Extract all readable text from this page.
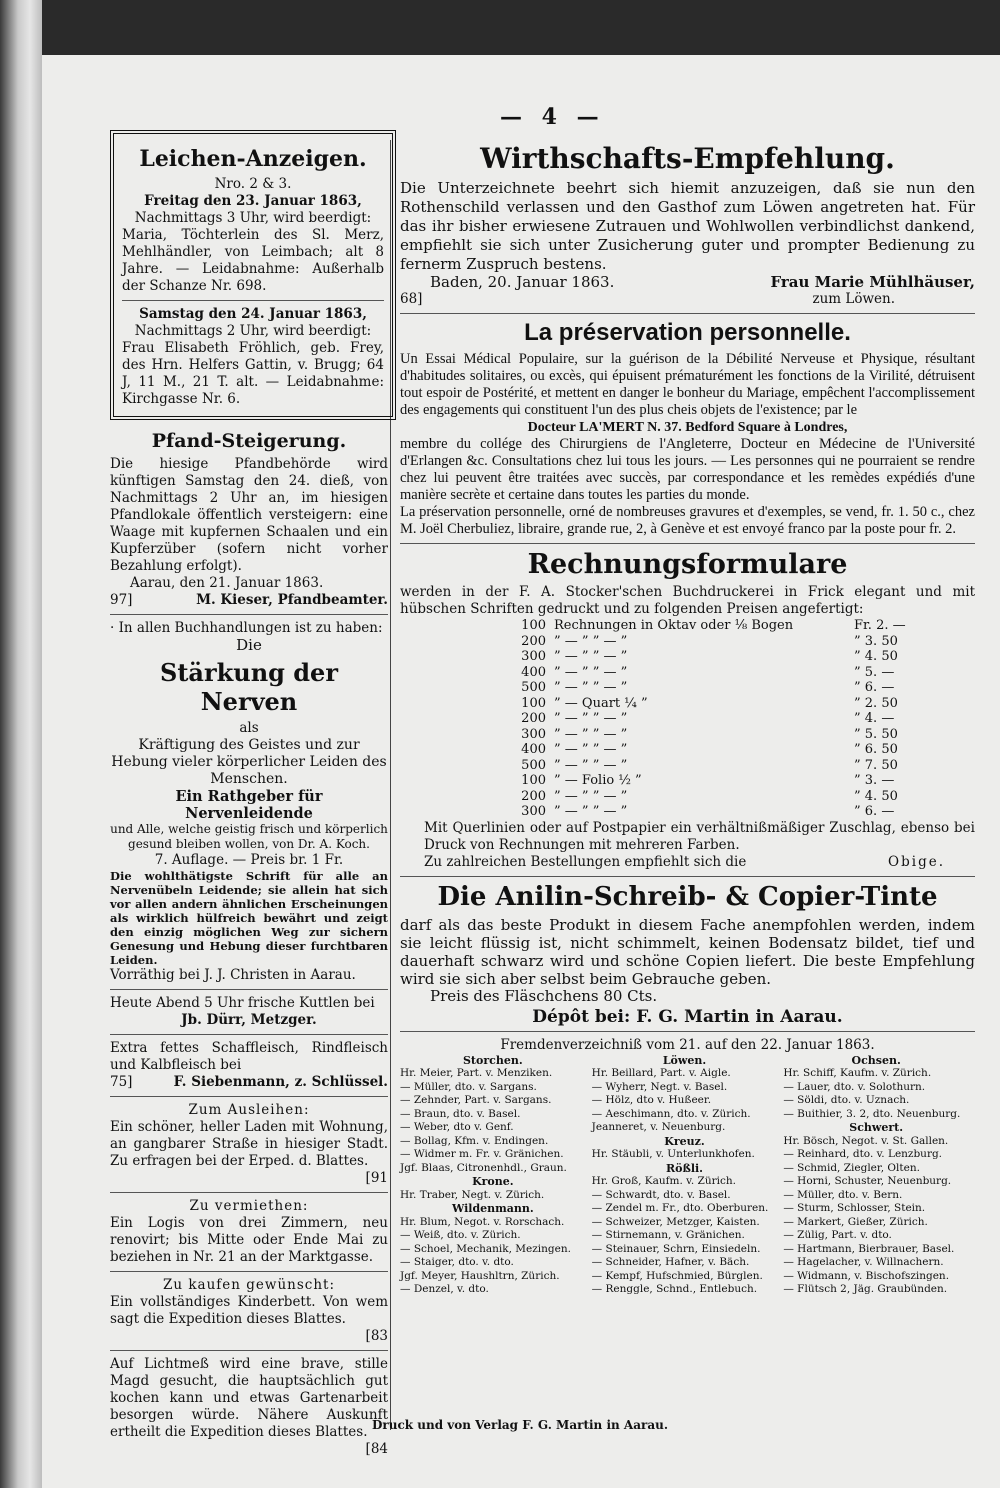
— 4 —
Leichen-Anzeigen.

Nro. 2 & 3.

Freitag den 23. Januar 1863,

Nachmittags 3 Uhr, wird beerdigt:

Maria, Töchterlein des Sl. Merz, Mehlhändler, von Leimbach; alt 8 Jahre. — Leidabnahme: Außerhalb der Schanze Nr. 698.

Samstag den 24. Januar 1863,

Nachmittags 2 Uhr, wird beerdigt:

Frau Elisabeth Fröhlich, geb. Frey, des Hrn. Helfers Gattin, v. Brugg; 64 J, 11 M., 21 T. alt. — Leidabnahme: Kirchgasse Nr. 6.

Pfand-Steigerung.

Die hiesige Pfandbehörde wird künftigen Samstag den 24. dieß, von Nachmittags 2 Uhr an, im hiesigen Pfandlokale öffentlich versteigern: eine Waage mit kupfernen Schaalen und ein Kupferzüber (sofern nicht vorher Bezahlung erfolgt).

Aarau, den 21. Januar 1863.

97]	M. Kieser, Pfandbeamter.

· In allen Buchhandlungen ist zu haben:

Die

Stärkung der Nerven

als

Kräftigung des Geistes und zur Hebung vieler körperlicher Leiden des Menschen.

Ein Rathgeber für Nervenleidende

und Alle, welche geistig frisch und körperlich gesund bleiben wollen, von Dr. A. Koch.

7. Auflage. — Preis br. 1 Fr.

Die wohlthätigste Schrift für alle an Nervenübeln Leidende; sie allein hat sich vor allen andern ähnlichen Erscheinungen als wirklich hülfreich bewährt und zeigt den einzig möglichen Weg zur sichern Genesung und Hebung dieser furchtbaren Leiden.

Vorräthig bei J. J. Christen in Aarau.

Heute Abend 5 Uhr frische Kuttlen bei

Jb. Dürr, Metzger.

Extra fettes Schaffleisch, Rindfleisch und Kalbfleisch bei

75]	F. Siebenmann, z. Schlüssel.

Zum Ausleihen:

Ein schöner, heller Laden mit Wohnung, an gangbarer Straße in hiesiger Stadt. Zu erfragen bei der Erped. d. Blattes.

[91

Zu vermiethen:

Ein Logis von drei Zimmern, neu renovirt; bis Mitte oder Ende Mai zu beziehen in Nr. 21 an der Marktgasse.

Zu kaufen gewünscht:

Ein vollständiges Kinderbett. Von wem sagt die Expedition dieses Blattes.

[83

Auf Lichtmeß wird eine brave, stille Magd gesucht, die hauptsächlich gut kochen kann und etwas Gartenarbeit besorgen würde. Nähere Auskunft ertheilt die Expedition dieses Blattes.

[84

Wirthschafts-Empfehlung.

Die Unterzeichnete beehrt sich hiemit anzuzeigen, daß sie nun den Rothenschild verlassen und den Gasthof zum Löwen angetreten hat. Für das ihr bisher erwiesene Zutrauen und Wohlwollen verbindlichst dankend, empfiehlt sie sich unter Zusicherung guter und prompter Bedienung zu fernerm Zuspruch bestens.

Baden, 20. Januar 1863.	Frau Marie Mühlhäuser,
68]	zum Löwen.
La préservation personnelle.

Un Essai Médical Populaire, sur la guérison de la Débilité Nerveuse et Physique, résultant d'habitudes solitaires, ou excès, qui épuisent prématurément les fonctions de la Virilité, détruisent tout espoir de Postérité, et mettent en danger le bonheur du Mariage, empêchent l'accomplissement des engagements qui constituent l'un des plus cheis objets de l'existence; par le

Docteur LA'MERT N. 37. Bedford Square à Londres,

membre du collége des Chirurgiens de l'Angleterre, Docteur en Médecine de l'Université d'Erlangen &c. Consultations chez lui tous les jours. — Les personnes qui ne pourraient se rendre chez lui peuvent être traitées avec succès, par correspondance et les remèdes expédiés d'une manière secrète et certaine dans toutes les parties du monde.

La préservation personnelle, orné de nombreuses gravures et d'exemples, se vend, fr. 1. 50 c., chez M. Joël Cherbuliez, libraire, grande rue, 2, à Genève et est envoyé franco par la poste pour fr. 2.

Rechnungsformulare

werden in der F. A. Stocker'schen Buchdruckerei in Frick elegant und mit hübschen Schriften gedruckt und zu folgenden Preisen angefertigt:

100 Rechnungen in Oktav oder ⅛ Bogen	Fr. 2. —
200 ” — ” ” — ”	” 3. 50
300 ” — ” ” — ”	” 4. 50
400 ” — ” ” — ”	” 5. —
500 ” — ” ” — ”	” 6. —
100 ” — Quart ¼ ”	” 2. 50
200 ” — ” ” — ”	” 4. —
300 ” — ” ” — ”	” 5. 50
400 ” — ” ” — ”	” 6. 50
500 ” — ” ” — ”	” 7. 50
100 ” — Folio ½ ”	” 3. —
200 ” — ” ” — ”	” 4. 50
300 ” — ” ” — ”	” 6. —

Mit Querlinien oder auf Postpapier ein verhältnißmäßiger Zuschlag, ebenso bei Druck von Rechnungen mit mehreren Farben.

Zu zahlreichen Bestellungen empfiehlt sich die	Obige.
Die Anilin-Schreib- & Copier-Tinte

darf als das beste Produkt in diesem Fache anempfohlen werden, indem sie leicht flüssig ist, nicht schimmelt, keinen Bodensatz bildet, tief und dauerhaft schwarz wird und schöne Copien liefert. Die beste Empfehlung wird sie sich aber selbst beim Gebrauche geben.

Preis des Fläschchens 80 Cts.

Dépôt bei: F. G. Martin in Aarau.

Fremdenverzeichniß vom 21. auf den 22. Januar 1863.

Storchen.
Hr. Meier, Part. v. Menziken.
— Müller, dto. v. Sargans.
— Zehnder, Part. v. Sargans.
— Braun, dto. v. Basel.
— Weber, dto v. Genf.
— Bollag, Kfm. v. Endingen.
— Widmer m. Fr. v. Gränichen.
Jgf. Blaas, Citronenhdl., Graun.
Krone.
Hr. Traber, Negt. v. Zürich.
Wildenmann.
Hr. Blum, Negot. v. Rorschach.
— Weiß, dto. v. Zürich.
— Schoel, Mechanik, Mezingen.
— Staiger, dto. v. dto.
Jgf. Meyer, Haushltrn, Zürich.
— Denzel, v. dto.
Löwen.
Hr. Beillard, Part. v. Aigle.
— Wyherr, Negt. v. Basel.
— Hölz, dto v. Hußeer.
— Aeschimann, dto. v. Zürich.
Jeanneret, v. Neuenburg.
Kreuz.
Hr. Stäubli, v. Unterlunkhofen.
Rößli.
Hr. Groß, Kaufm. v. Zürich.
— Schwardt, dto. v. Basel.
— Zendel m. Fr., dto. Oberburen.
— Schweizer, Metzger, Kaisten.
— Stirnemann, v. Gränichen.
— Steinauer, Schrn, Einsiedeln.
— Schneider, Hafner, v. Bäch.
— Kempf, Hufschmied, Bürglen.
— Renggle, Schnd., Entlebuch.
Ochsen.
Hr. Schiff, Kaufm. v. Zürich.
— Lauer, dto. v. Solothurn.
— Söldi, dto. v. Uznach.
— Buithier, 3. 2, dto. Neuenburg.
Schwert.
Hr. Bösch, Negot. v. St. Gallen.
— Reinhard, dto. v. Lenzburg.
— Schmid, Ziegler, Olten.
— Horni, Schuster, Neuenburg.
— Müller, dto. v. Bern.
— Sturm, Schlosser, Stein.
— Markert, Gießer, Zürich.
— Zülig, Part. v. dto.
— Hartmann, Bierbrauer, Basel.
— Hagelacher, v. Willnachern.
— Widmann, v. Bischofszingen.
— Flütsch 2, Jäg. Graubünden.
Druck und von Verlag F. G. Martin in Aarau.
